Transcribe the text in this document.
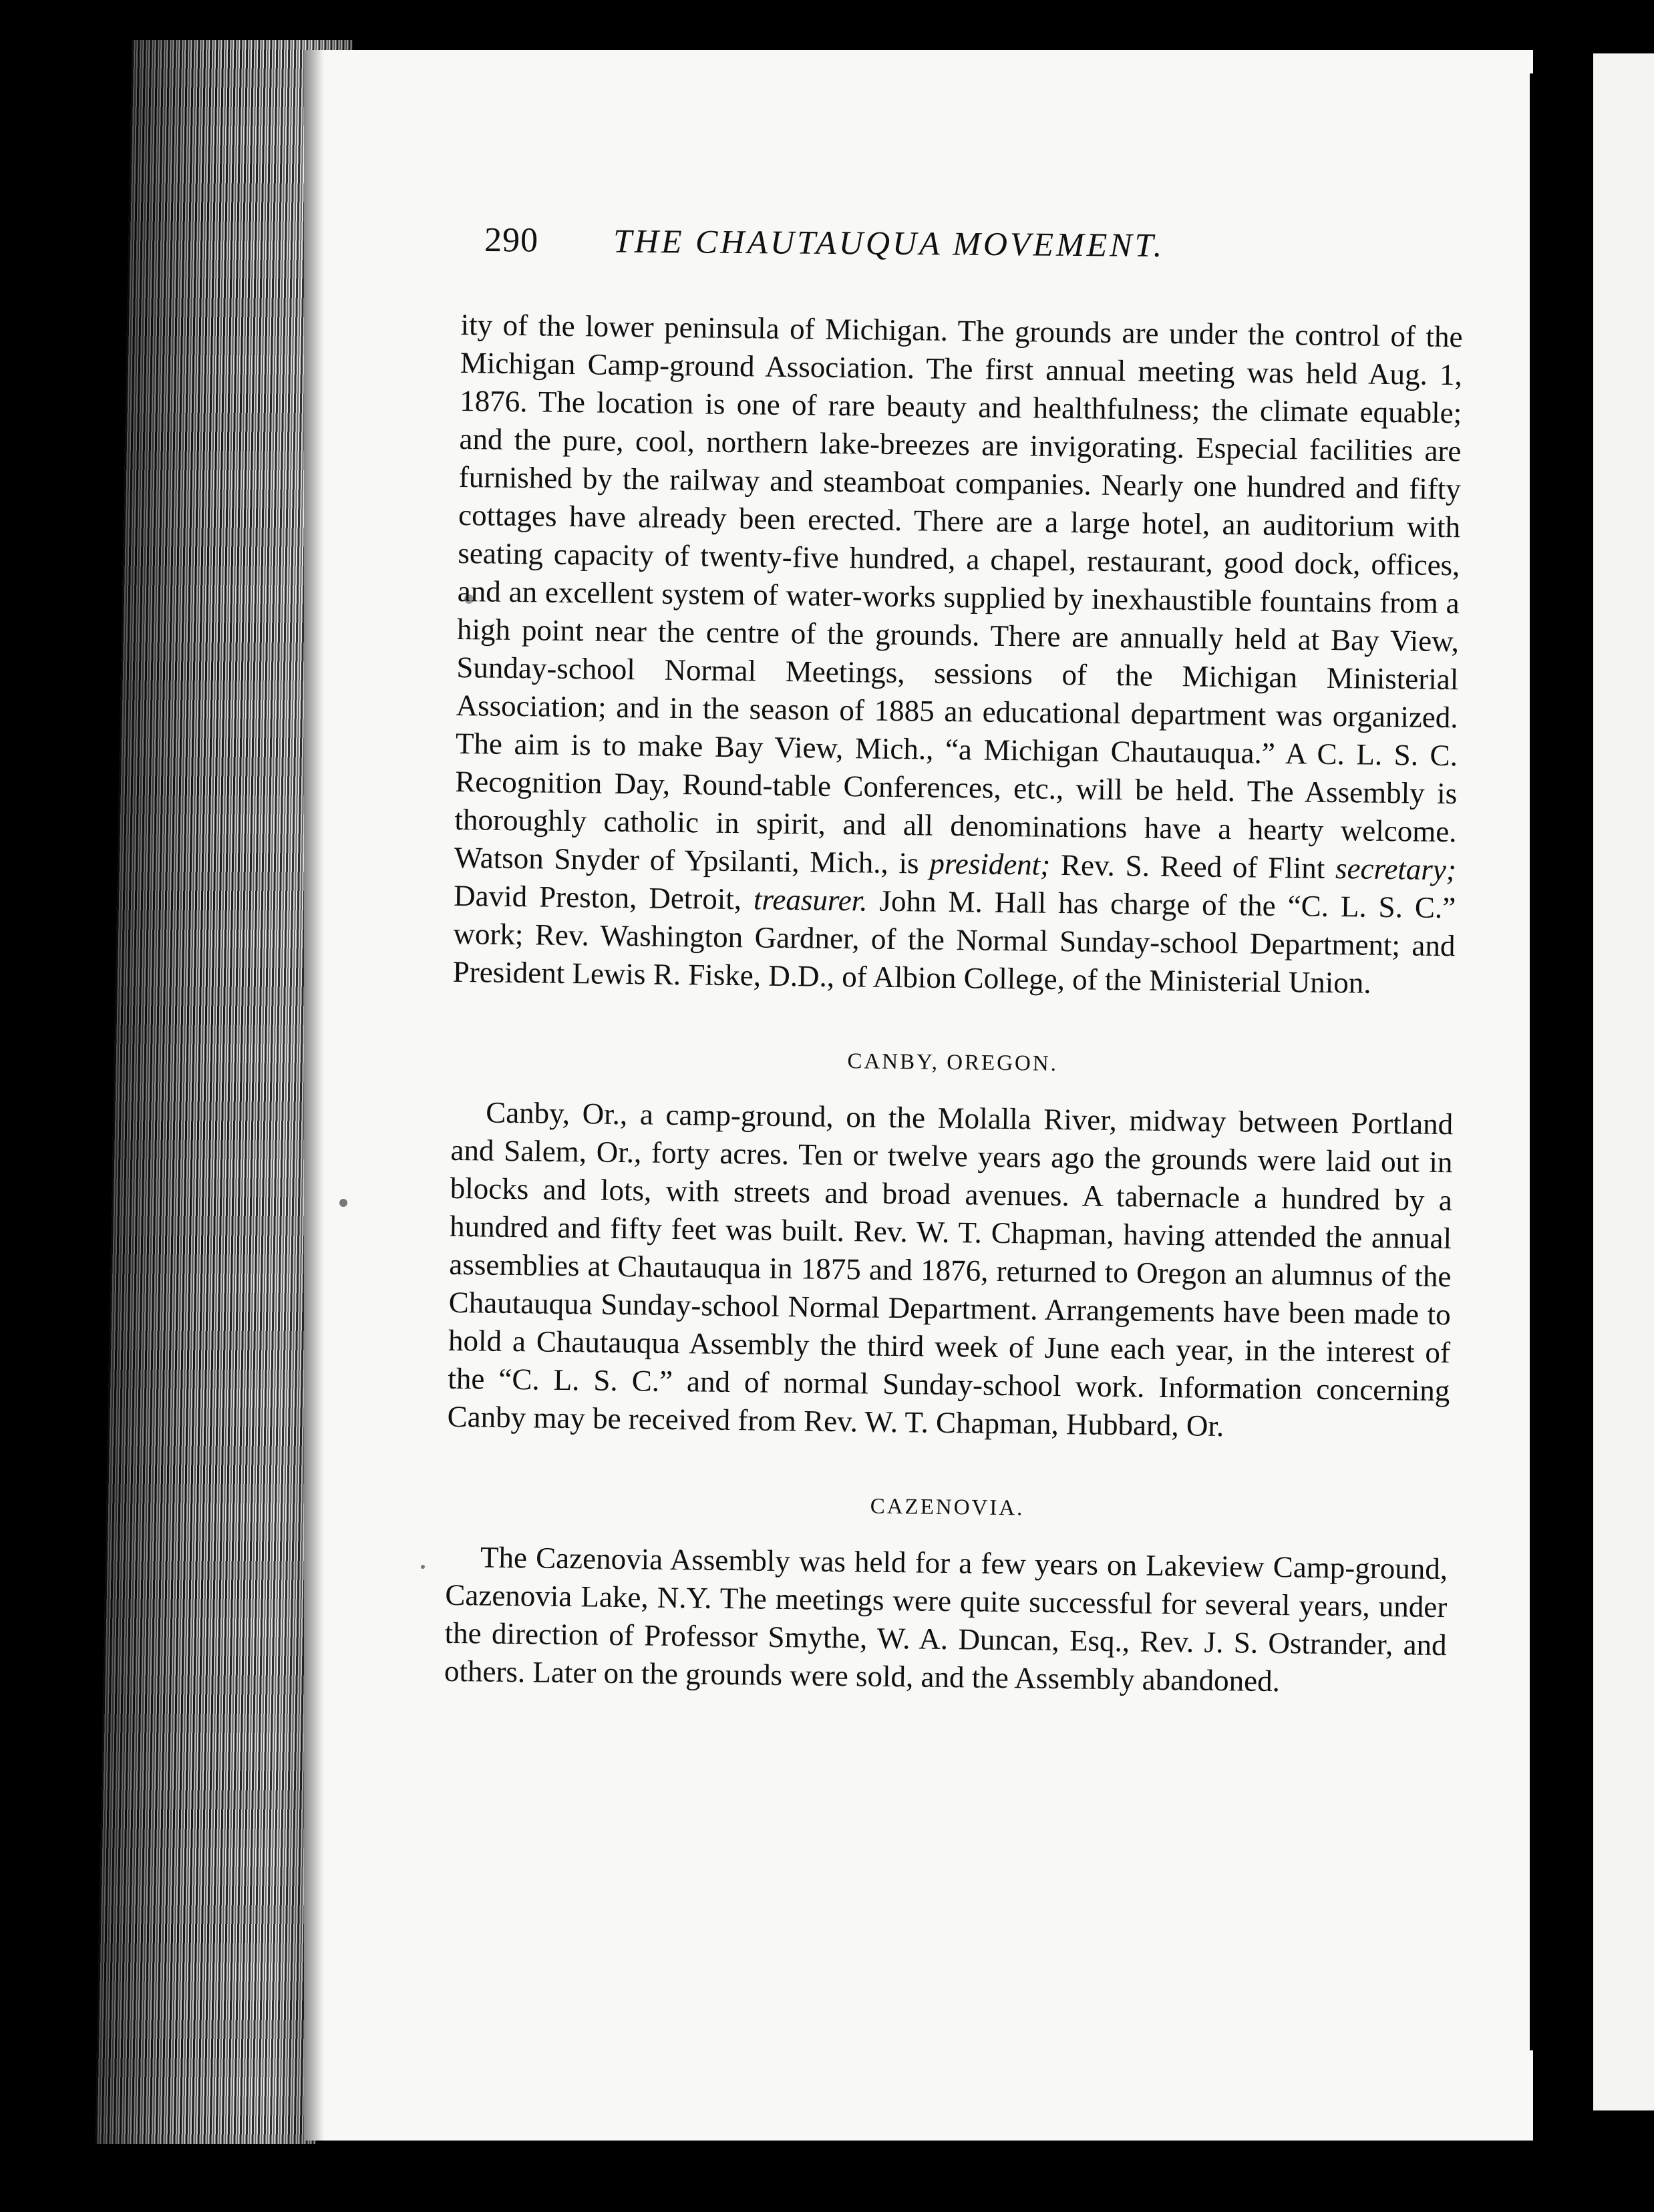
290 THE CHAUTAUQUA MOVEMENT.

ity of the lower peninsula of Michigan. The grounds are under the control of the Michigan Camp-ground Association. The first annual meeting was held Aug. 1, 1876. The location is one of rare beauty and healthfulness; the climate equable; and the pure, cool, northern lake-breezes are invigorating. Especial facilities are furnished by the railway and steamboat companies. Nearly one hundred and fifty cottages have already been erected. There are a large hotel, an auditorium with seating capacity of twenty-five hundred, a chapel, restaurant, good dock, offices, and an excellent system of water-works supplied by inexhaustible fountains from a high point near the centre of the grounds. There are annually held at Bay View, Sunday-school Normal Meetings, sessions of the Michigan Ministerial Association; and in the season of 1885 an educational department was organized. The aim is to make Bay View, Mich., “a Michigan Chautauqua.” A C. L. S. C. Recognition Day, Round-table Conferences, etc., will be held. The Assembly is thoroughly catholic in spirit, and all denominations have a hearty welcome. Watson Snyder of Ypsilanti, Mich., is president; Rev. S. Reed of Flint secretary; David Preston, Detroit, treasurer. John M. Hall has charge of the “C. L. S. C.” work; Rev. Washington Gardner, of the Normal Sunday-school Department; and President Lewis R. Fiske, D.D., of Albion College, of the Ministerial Union.

CANBY, OREGON.

Canby, Or., a camp-ground, on the Molalla River, midway between Portland and Salem, Or., forty acres. Ten or twelve years ago the grounds were laid out in blocks and lots, with streets and broad avenues. A tabernacle a hundred by a hundred and fifty feet was built. Rev. W. T. Chapman, having attended the annual assemblies at Chautauqua in 1875 and 1876, returned to Oregon an alumnus of the Chautauqua Sunday-school Normal Department. Arrangements have been made to hold a Chautauqua Assembly the third week of June each year, in the interest of the “C. L. S. C.” and of normal Sunday-school work. Information concerning Canby may be received from Rev. W. T. Chapman, Hubbard, Or.

CAZENOVIA.

The Cazenovia Assembly was held for a few years on Lakeview Camp-ground, Cazenovia Lake, N.Y. The meetings were quite successful for several years, under the direction of Professor Smythe, W. A. Duncan, Esq., Rev. J. S. Ostrander, and others. Later on the grounds were sold, and the Assembly abandoned.
